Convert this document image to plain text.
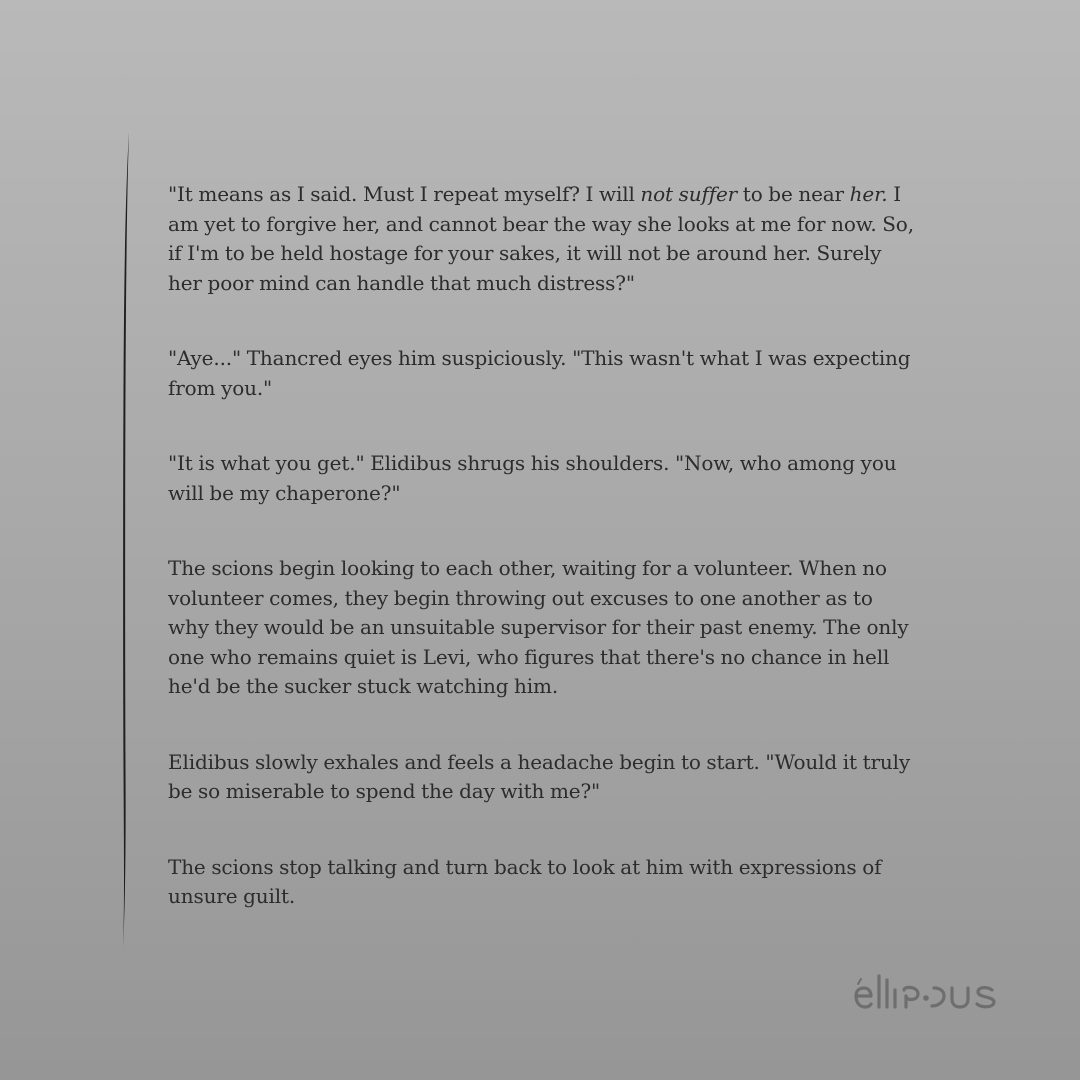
"It means as I said. Must I repeat myself? I will not suffer to be near her. I
am yet to forgive her, and cannot bear the way she looks at me for now. So,
if I'm to be held hostage for your sakes, it will not be around her. Surely
her poor mind can handle that much distress?"

"Aye..." Thancred eyes him suspiciously. "This wasn't what I was expecting
from you."

"It is what you get." Elidibus shrugs his shoulders. "Now, who among you
will be my chaperone?"

The scions begin looking to each other, waiting for a volunteer. When no
volunteer comes, they begin throwing out excuses to one another as to
why they would be an unsuitable supervisor for their past enemy. The only
one who remains quiet is Levi, who figures that there's no chance in hell
he'd be the sucker stuck watching him.

Elidibus slowly exhales and feels a headache begin to start. "Would it truly
be so miserable to spend the day with me?"

The scions stop talking and turn back to look at him with expressions of
unsure guilt.
